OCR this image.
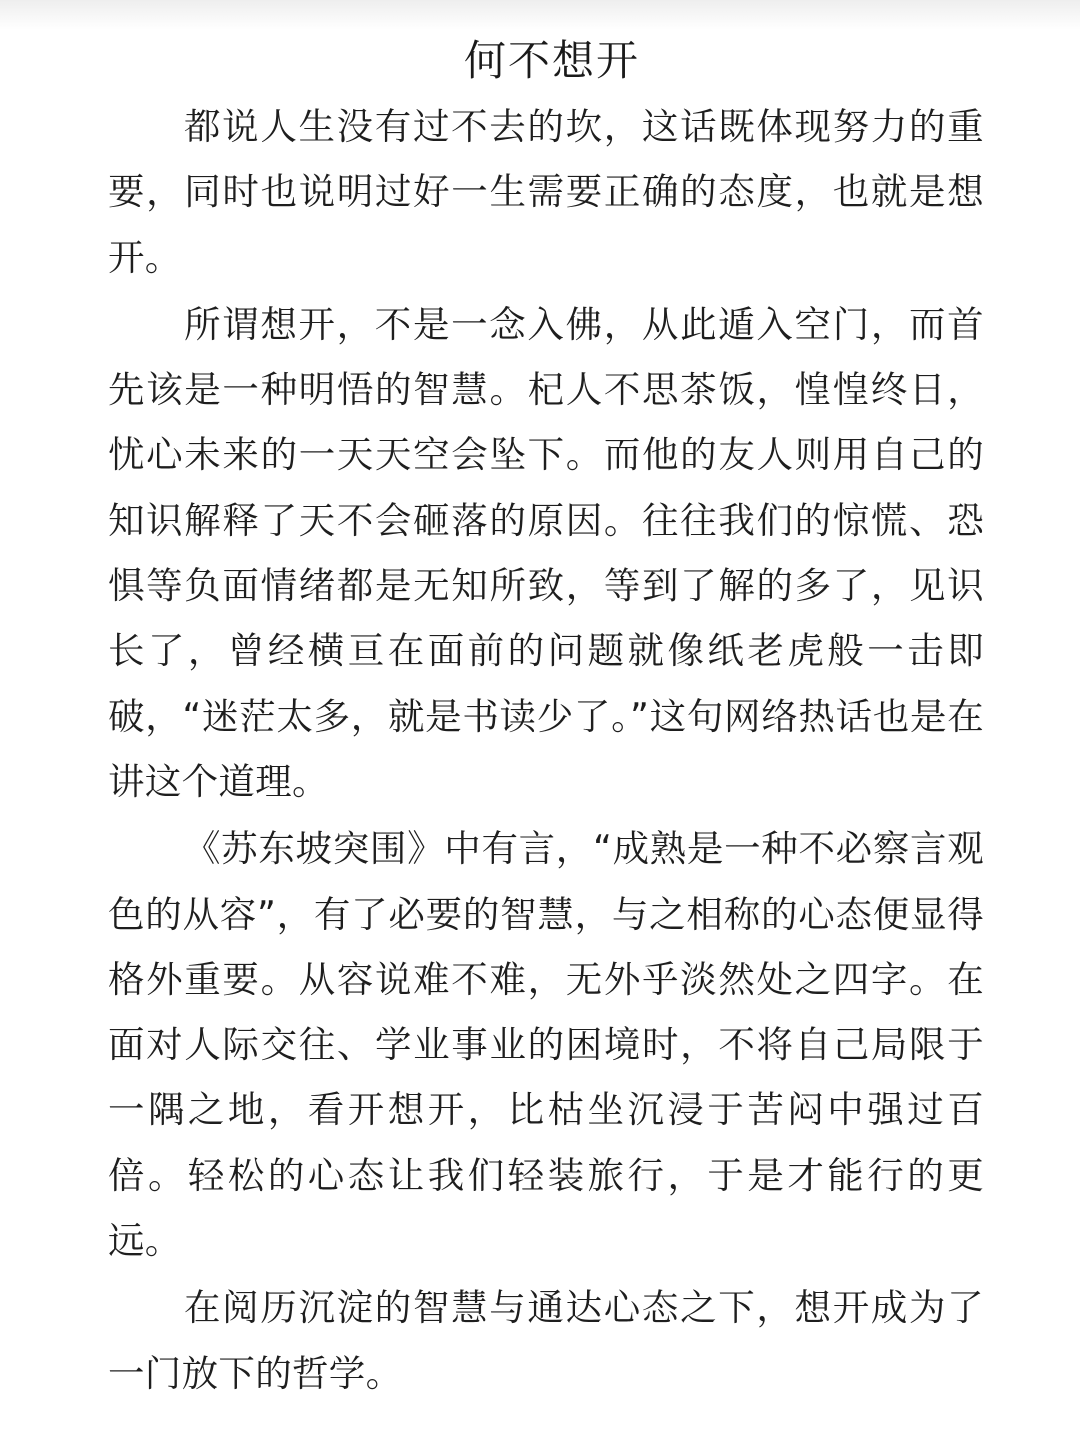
何不想开

都说人生没有过不去的坎，这话既体现努力的重要，同时也说明过好一生需要正确的态度，也就是想开。

所谓想开，不是一念入佛，从此遁入空门，而首先该是一种明悟的智慧。杞人不思茶饭，惶惶终日，忧心未来的一天天空会坠下。而他的友人则用自己的知识解释了天不会砸落的原因。往往我们的惊慌、恐惧等负面情绪都是无知所致，等到了解的多了，见识长了，曾经横亘在面前的问题就像纸老虎般一击即破，“迷茫太多，就是书读少了。”这句网络热话也是在讲这个道理。

《苏东坡突围》中有言，“成熟是一种不必察言观色的从容”，有了必要的智慧，与之相称的心态便显得格外重要。从容说难不难，无外乎淡然处之四字。在面对人际交往、学业事业的困境时，不将自己局限于一隅之地，看开想开，比枯坐沉浸于苦闷中强过百倍。轻松的心态让我们轻装旅行，于是才能行的更远。

在阅历沉淀的智慧与通达心态之下，想开成为了一门放下的哲学。
